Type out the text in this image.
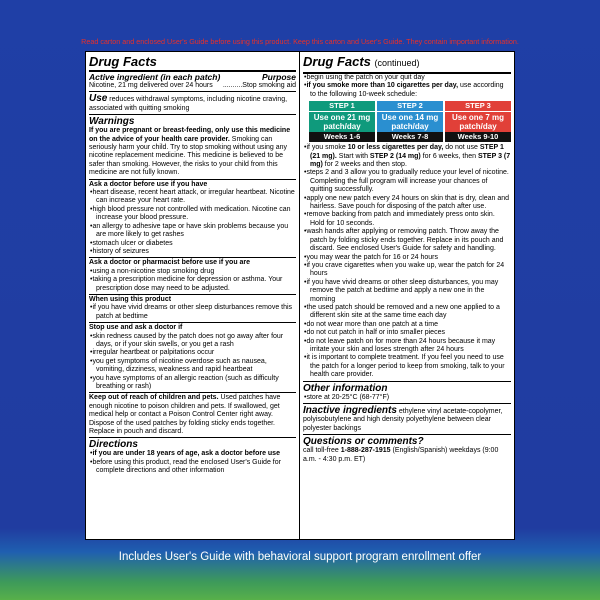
Read carton and enclosed User's Guide before using this product. Keep this carton and User's Guide. They contain important information.
Drug Facts
Active ingredient (in each patch)	Purpose
Nicotine, 21 mg delivered over 24 hours ..........Stop smoking aid
Use reduces withdrawal symptoms, including nicotine craving, associated with quitting smoking
Warnings
If you are pregnant or breast-feeding, only use this medicine on the advice of your health care provider. Smoking can seriously harm your child. Try to stop smoking without using any nicotine replacement medicine. This medicine is believed to be safer than smoking. However, the risks to your child from this medicine are not fully known.
Ask a doctor before use if you have
• heart disease, recent heart attack, or irregular heartbeat. Nicotine can increase your heart rate.
• high blood pressure not controlled with medication. Nicotine can increase your blood pressure.
• an allergy to adhesive tape or have skin problems because you are more likely to get rashes
• stomach ulcer or diabetes
• history of seizures
Ask a doctor or pharmacist before use if you are
• using a non-nicotine stop smoking drug
• taking a prescription medicine for depression or asthma. Your prescription dose may need to be adjusted.
When using this product
• if you have vivid dreams or other sleep disturbances remove this patch at bedtime
Stop use and ask a doctor if
• skin redness caused by the patch does not go away after four days, or if your skin swells, or you get a rash
• irregular heartbeat or palpitations occur
• you get symptoms of nicotine overdose such as nausea, vomiting, dizziness, weakness and rapid heartbeat
• you have symptoms of an allergic reaction (such as difficulty breathing or rash)
Keep out of reach of children and pets. Used patches have enough nicotine to poison children and pets. If swallowed, get medical help or contact a Poison Control Center right away. Dispose of the used patches by folding sticky ends together. Replace in pouch and discard.
Directions
• if you are under 18 years of age, ask a doctor before use
• before using this product, read the enclosed User's Guide for complete directions and other information
Drug Facts (continued)
• begin using the patch on your quit day
• if you smoke more than 10 cigarettes per day, use according to the following 10-week schedule:
STEP 1
Use one 21 mg patch/day
Weeks 1-6
STEP 2
Use one 14 mg patch/day
Weeks 7-8
STEP 3
Use one 7 mg patch/day
Weeks 9-10
• if you smoke 10 or less cigarettes per day, do not use STEP 1 (21 mg). Start with STEP 2 (14 mg) for 6 weeks, then STEP 3 (7 mg) for 2 weeks and then stop.
• steps 2 and 3 allow you to gradually reduce your level of nicotine. Completing the full program will increase your chances of quitting successfully.
• apply one new patch every 24 hours on skin that is dry, clean and hairless. Save pouch for disposing of the patch after use.
• remove backing from patch and immediately press onto skin. Hold for 10 seconds.
• wash hands after applying or removing patch. Throw away the patch by folding sticky ends together. Replace in its pouch and discard. See enclosed User's Guide for safety and handling.
• you may wear the patch for 16 or 24 hours
• if you crave cigarettes when you wake up, wear the patch for 24 hours
• if you have vivid dreams or other sleep disturbances, you may remove the patch at bedtime and apply a new one in the morning
• the used patch should be removed and a new one applied to a different skin site at the same time each day
• do not wear more than one patch at a time
• do not cut patch in half or into smaller pieces
• do not leave patch on for more than 24 hours because it may irritate your skin and loses strength after 24 hours
• it is important to complete treatment. If you feel you need to use the patch for a longer period to keep from smoking, talk to your health care provider.
Other information
• store at 20-25°C (68-77°F)
Inactive ingredients ethylene vinyl acetate-copolymer, polyisobutylene and high density polyethylene between clear polyester backings
Questions or comments?
call toll-free 1-888-287-1915 (English/Spanish) weekdays (9:00 a.m. - 4:30 p.m. ET)
Includes User's Guide with behavioral support program enrollment offer
